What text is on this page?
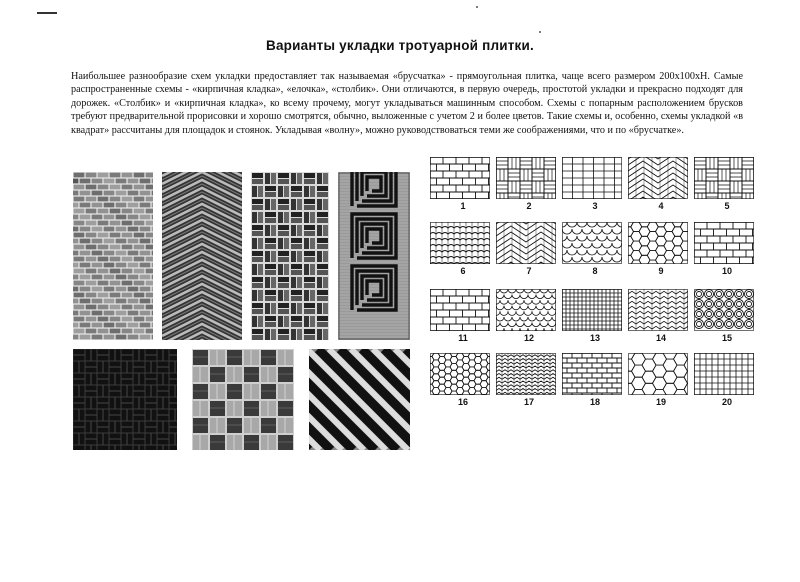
Варианты укладки тротуарной плитки.

Наибольшее разнообразие схем укладки предоставляет так называемая «брусчатка» - прямоугольная плитка, чаще всего размером 200x100xH. Самые распространенные схемы - «кирпичная кладка», «елочка», «столбик». Они отличаются, в первую очередь, простотой укладки и прекрасно подходят для дорожек. «Столбик» и «кирпичная кладка», ко всему прочему, могут укладываться машинным способом. Схемы с попарным расположением брусков требуют предварительной прорисовки и хорошо смотрятся, обычно, выложенные с учетом 2 и более цветов. Такие схемы и, особенно, схемы укладкой «в квадрат» рассчитаны для площадок и стоянок. Укладывая «волну», можно руководствоваться теми же соображениями, что и по «брусчатке».

1	2	3	4	5
6	7	8	9	10
11	12	13	14	15
16	17	18	19	20
